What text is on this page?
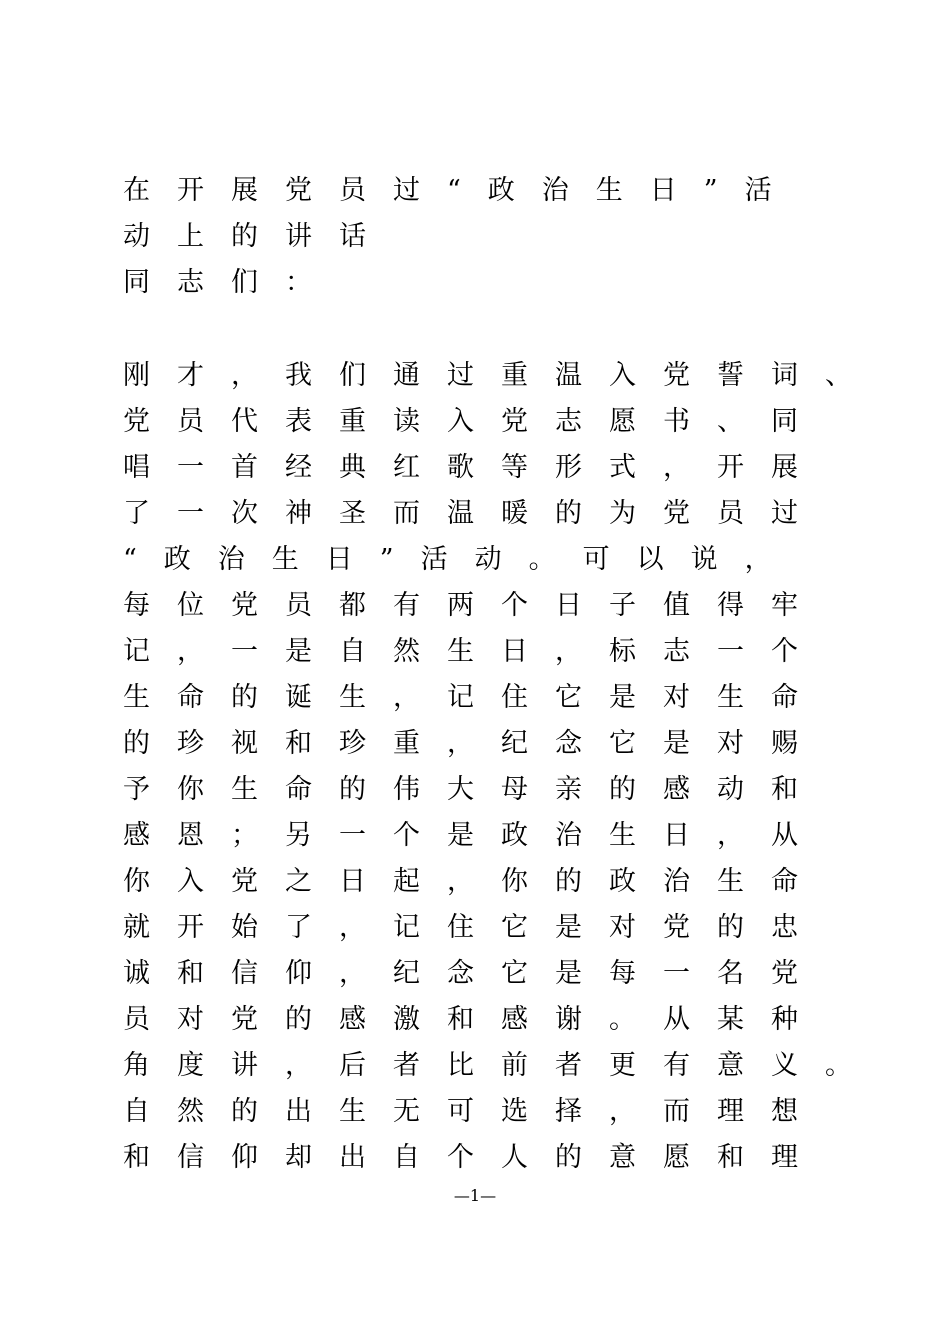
在开展党员过“政治生日”活
动上的讲话
同志们：
刚才，我们通过重温入党誓词、
党员代表重读入党志愿书、同
唱一首经典红歌等形式，开展
了一次神圣而温暖的为党员过
“政治生日”活动。可以说，
每位党员都有两个日子值得牢
记，一是自然生日，标志一个
生命的诞生，记住它是对生命
的珍视和珍重，纪念它是对赐
予你生命的伟大母亲的感动和
感恩；另一个是政治生日，从
你入党之日起，你的政治生命
就开始了，记住它是对党的忠
诚和信仰，纪念它是每一名党
员对党的感激和感谢。从某种
角度讲，后者比前者更有意义。
自然的出生无可选择，而理想
和信仰却出自个人的意愿和理
—1—
